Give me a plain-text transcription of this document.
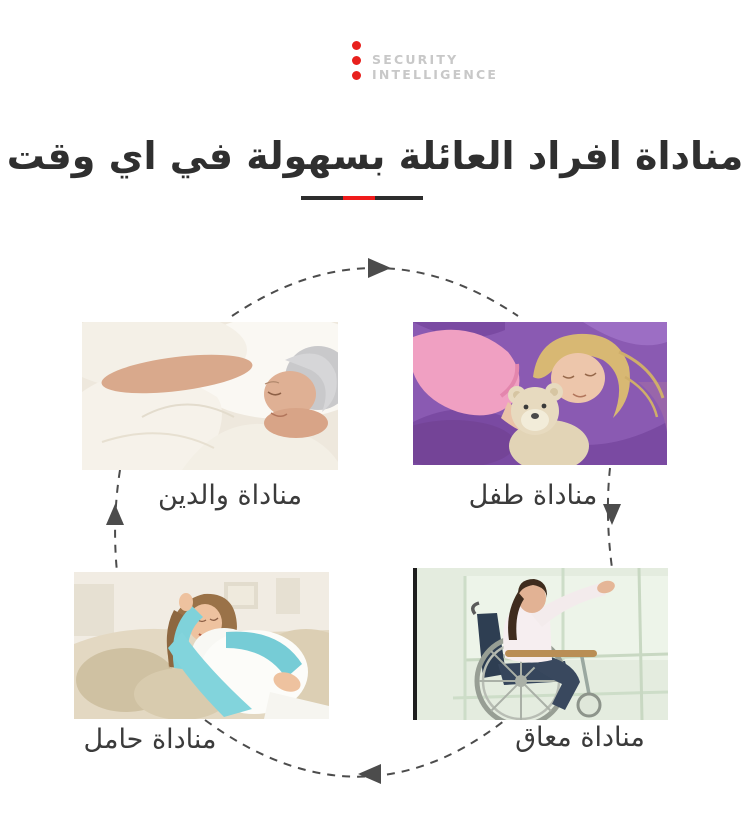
SECURITY
INTELLIGENCE
مناداة افراد العائلة بسهولة في اي وقت
مناداة والدين	مناداة طفل
مناداة معاق
مناداة حامل
